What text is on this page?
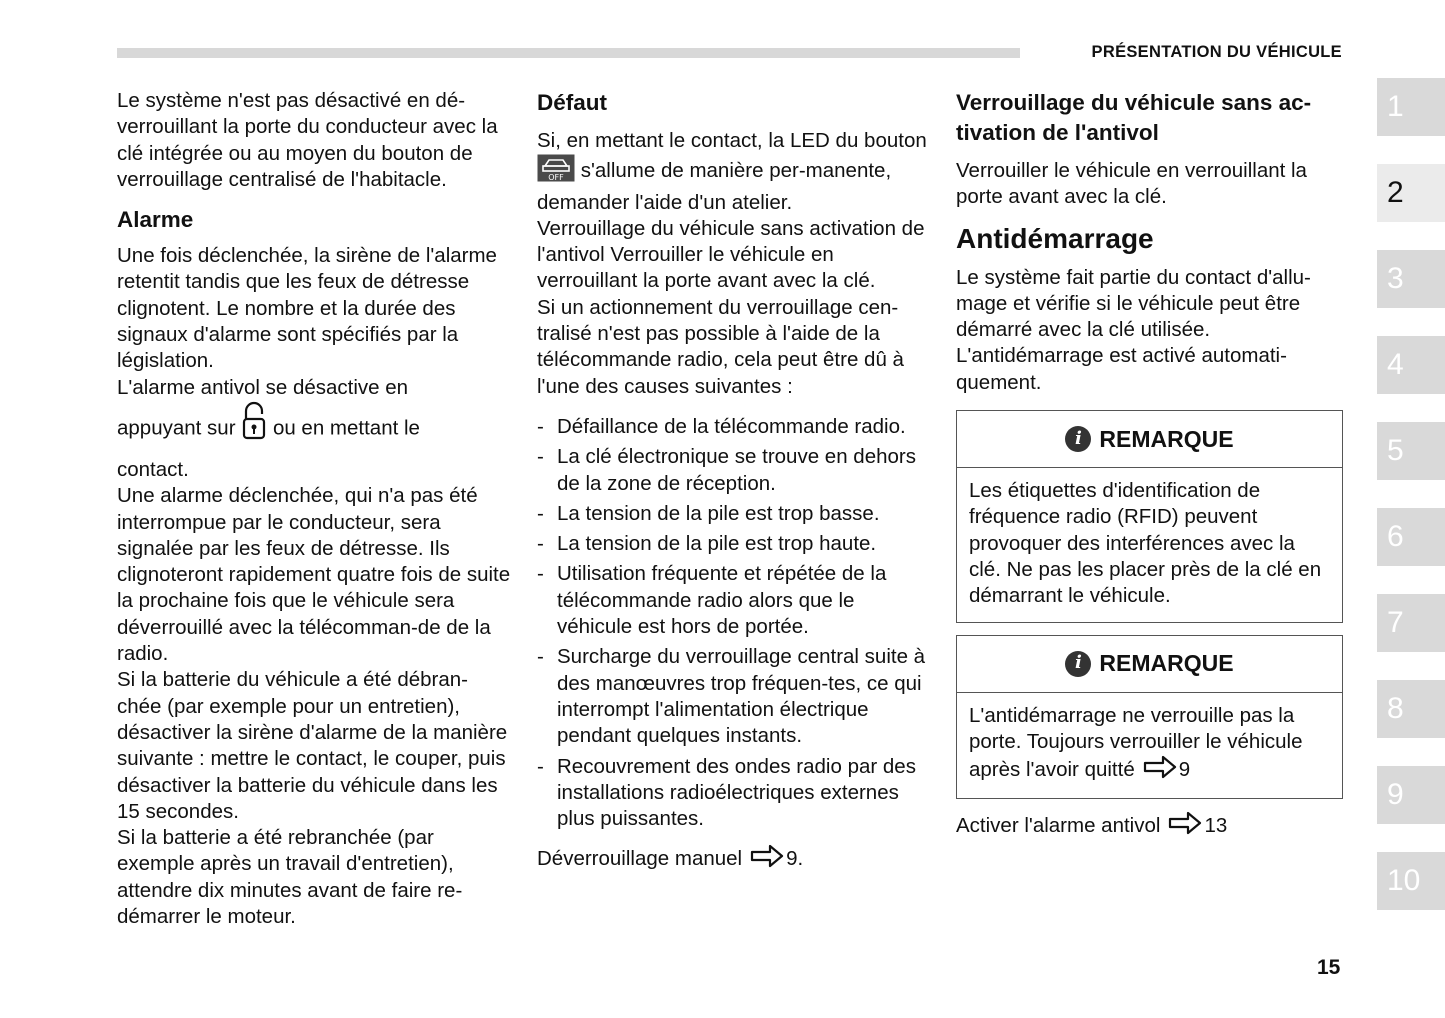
PRÉSENTATION DU VÉHICULE

Le système n'est pas désactivé en dé-verrouillant la porte du conducteur avec la clé intégrée ou au moyen du bouton de verrouillage centralisé de l'habitacle.

Alarme

Une fois déclenchée, la sirène de l'alarme retentit tandis que les feux de détresse clignotent. Le nombre et la durée des signaux d'alarme sont spécifiés par la législation.

L'alarme antivol se désactive en

appuyant sur ou en mettant le

contact.

Une alarme déclenchée, qui n'a pas été interrompue par le conducteur, sera signalée par les feux de détresse. Ils clignoteront rapidement quatre fois de suite la prochaine fois que le véhicule sera déverrouillé avec la télécomman-de de la radio.

Si la batterie du véhicule a été débran-chée (par exemple pour un entretien), désactiver la sirène d'alarme de la manière suivante : mettre le contact, le couper, puis désactiver la batterie du véhicule dans les 15 secondes.

Si la batterie a été rebranchée (par exemple après un travail d'entretien), attendre dix minutes avant de faire re-démarrer le moteur.

Défaut

Si, en mettant le contact, la LED du bouton
OFF s'allume de manière per-manente, demander l'aide d'un atelier.

Verrouillage du véhicule sans activation de l'antivol Verrouiller le véhicule en verrouillant la porte avant avec la clé.

Si un actionnement du verrouillage cen-tralisé n'est pas possible à l'aide de la télécommande radio, cela peut être dû à l'une des causes suivantes :

- Défaillance de la télécommande radio.
- La clé électronique se trouve en dehors de la zone de réception.
- La tension de la pile est trop basse.
- La tension de la pile est trop haute.
- Utilisation fréquente et répétée de la télécommande radio alors que le véhicule est hors de portée.
- Surcharge du verrouillage central suite à des manœuvres trop fréquen-tes, ce qui interrompt l'alimentation électrique pendant quelques instants.
- Recouvrement des ondes radio par des installations radioélectriques externes plus puissantes.

Déverrouillage manuel 9.

Verrouillage du véhicule sans ac-tivation de l'antivol

Verrouiller le véhicule en verrouillant la porte avant avec la clé.

Antidémarrage

Le système fait partie du contact d'allu-mage et vérifie si le véhicule peut être démarré avec la clé utilisée.

L'antidémarrage est activé automati-quement.

i REMARQUE
Les étiquettes d'identification de fréquence radio (RFID) peuvent provoquer des interférences avec la clé. Ne pas les placer près de la clé en démarrant le véhicule.
i REMARQUE
L'antidémarrage ne verrouille pas la porte. Toujours verrouiller le véhicule après l'avoir quitté 9

Activer l'alarme antivol 13

1
2
3
4
5
6
7
8
9
10
15
